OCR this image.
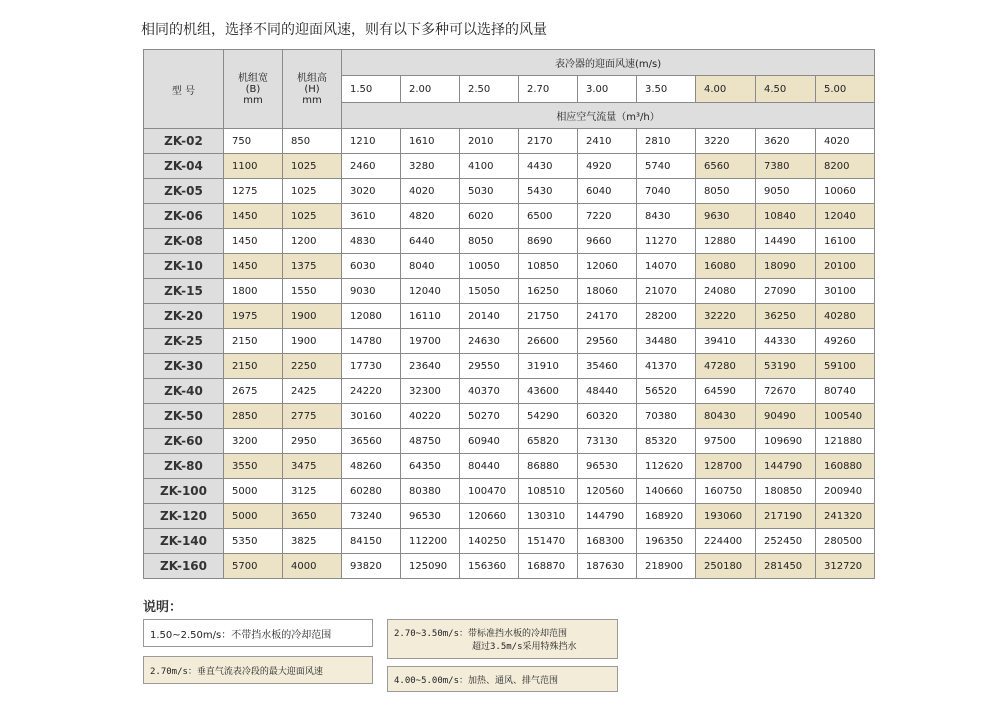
相同的机组，选择不同的迎面风速，则有以下多种可以选择的风量
型 号	机组宽
(B)
mm	机组高
(H)
mm	表冷器的迎面风速(m/s)								
			1.50	2.00	2.50	2.70	3.00	3.50	4.00	4.50	5.00
			相应空气流量（m³/h）								
ZK-02	750	850	1210	1610	2010	2170	2410	2810	3220	3620	4020
ZK-04	1100	1025	2460	3280	4100	4430	4920	5740	6560	7380	8200
ZK-05	1275	1025	3020	4020	5030	5430	6040	7040	8050	9050	10060
ZK-06	1450	1025	3610	4820	6020	6500	7220	8430	9630	10840	12040
ZK-08	1450	1200	4830	6440	8050	8690	9660	11270	12880	14490	16100
ZK-10	1450	1375	6030	8040	10050	10850	12060	14070	16080	18090	20100
ZK-15	1800	1550	9030	12040	15050	16250	18060	21070	24080	27090	30100
ZK-20	1975	1900	12080	16110	20140	21750	24170	28200	32220	36250	40280
ZK-25	2150	1900	14780	19700	24630	26600	29560	34480	39410	44330	49260
ZK-30	2150	2250	17730	23640	29550	31910	35460	41370	47280	53190	59100
ZK-40	2675	2425	24220	32300	40370	43600	48440	56520	64590	72670	80740
ZK-50	2850	2775	30160	40220	50270	54290	60320	70380	80430	90490	100540
ZK-60	3200	2950	36560	48750	60940	65820	73130	85320	97500	109690	121880
ZK-80	3550	3475	48260	64350	80440	86880	96530	112620	128700	144790	160880
ZK-100	5000	3125	60280	80380	100470	108510	120560	140660	160750	180850	200940
ZK-120	5000	3650	73240	96530	120660	130310	144790	168920	193060	217190	241320
ZK-140	5350	3825	84150	112200	140250	151470	168300	196350	224400	252450	280500
ZK-160	5700	4000	93820	125090	156360	168870	187630	218900	250180	281450	312720
说明：
1.50~2.50m/s：不带挡水板的冷却范围	2.70~3.50m/s：带标准挡水板的冷却范围
超过3.5m/s采用特殊挡水
2.70m/s：垂直气流表冷段的最大迎面风速
4.00~5.00m/s：加热、通风、排气范围
